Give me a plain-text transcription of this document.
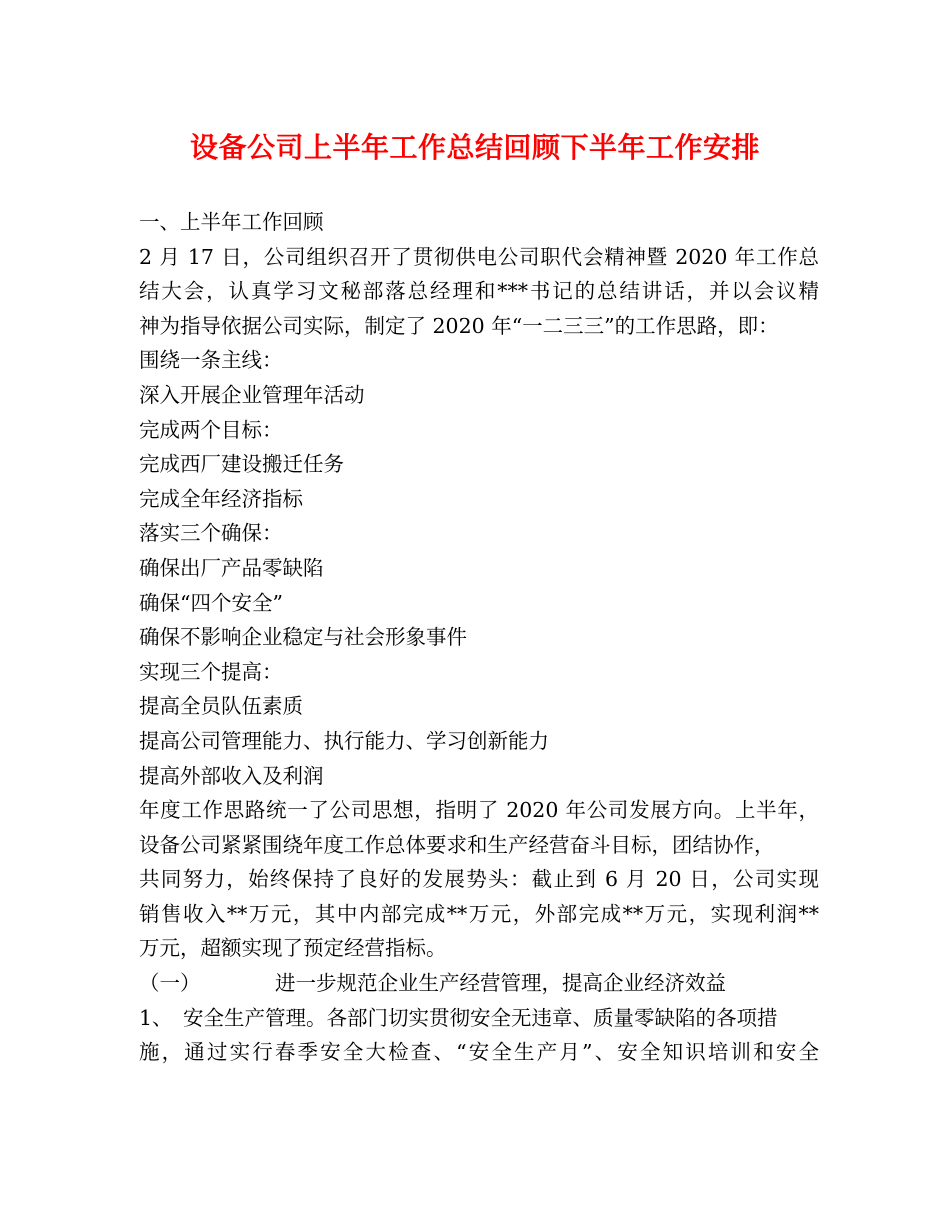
设备公司上半年工作总结回顾下半年工作安排
一、上半年工作回顾
2 月 17 日，公司组织召开了贯彻供电公司职代会精神暨 2020 年工作总
结大会，认真学习文秘部落总经理和***书记的总结讲话，并以会议精
神为指导依据公司实际，制定了 2020 年“一二三三”的工作思路，即：
围绕一条主线：
深入开展企业管理年活动
完成两个目标：
完成西厂建设搬迁任务
完成全年经济指标
落实三个确保：
确保出厂产品零缺陷
确保“四个安全”
确保不影响企业稳定与社会形象事件
实现三个提高：
提高全员队伍素质
提高公司管理能力、执行能力、学习创新能力
提高外部收入及利润
年度工作思路统一了公司思想，指明了 2020 年公司发展方向。上半年，
设备公司紧紧围绕年度工作总体要求和生产经营奋斗目标，团结协作，
共同努力，始终保持了良好的发展势头：截止到 6 月 20 日，公司实现
销售收入**万元，其中内部完成**万元，外部完成**万元，实现利润**
万元，超额实现了预定经营指标。
（一）	进一步规范企业生产经营管理，提高企业经济效益
1、 安全生产管理。各部门切实贯彻安全无违章、质量零缺陷的各项措
施，通过实行春季安全大检查、“安全生产月”、安全知识培训和安全
